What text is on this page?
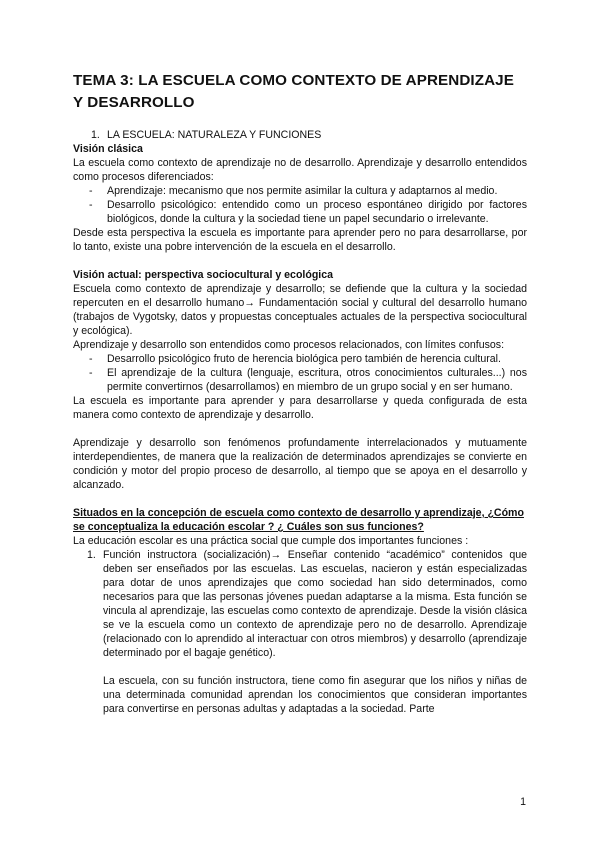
TEMA 3: LA ESCUELA COMO CONTEXTO DE APRENDIZAJE Y DESARROLLO
1. LA ESCUELA: NATURALEZA Y FUNCIONES
Visión clásica

La escuela como contexto de aprendizaje no de desarrollo. Aprendizaje y desarrollo entendidos como procesos diferenciados:

-	Aprendizaje: mecanismo que nos permite asimilar la cultura y adaptarnos al medio.
-	Desarrollo psicológico: entendido como un proceso espontáneo dirigido por factores biológicos, donde la cultura y la sociedad tiene un papel secundario o irrelevante.

Desde esta perspectiva la escuela es importante para aprender pero no para desarrollarse, por lo tanto, existe una pobre intervención de la escuela en el desarrollo.

Visión actual: perspectiva sociocultural y ecológica

Escuela como contexto de aprendizaje y desarrollo; se defiende que la cultura y la sociedad repercuten en el desarrollo humano→ Fundamentación social y cultural del desarrollo humano (trabajos de Vygotsky, datos y propuestas conceptuales actuales de la perspectiva sociocultural y ecológica).

Aprendizaje y desarrollo son entendidos como procesos relacionados, con límites confusos:

-	Desarrollo psicológico fruto de herencia biológica pero también de herencia cultural.
-	El aprendizaje de la cultura (lenguaje, escritura, otros conocimientos culturales...) nos permite convertirnos (desarrollamos) en miembro de un grupo social y en ser humano.

La escuela es importante para aprender y para desarrollarse y queda configurada de esta manera como contexto de aprendizaje y desarrollo.

Aprendizaje y desarrollo son fenómenos profundamente interrelacionados y mutuamente interdependientes, de manera que la realización de determinados aprendizajes se convierte en condición y motor del propio proceso de desarrollo, al tiempo que se apoya en el desarrollo y alcanzado.

Situados en la concepción de escuela como contexto de desarrollo y aprendizaje, ¿Cómo se conceptualiza la educación escolar ? ¿ Cuáles son sus funciones?

La educación escolar es una práctica social que cumple dos importantes funciones :

1. Función instructora (socialización)→ Enseñar contenido “académico” contenidos que deben ser enseñados por las escuelas. Las escuelas, nacieron y están especializadas para dotar de unos aprendizajes que como sociedad han sido determinados, como necesarios para que las personas jóvenes puedan adaptarse a la misma. Esta función se vincula al aprendizaje, las escuelas como contexto de aprendizaje. Desde la visión clásica se ve la escuela como un contexto de aprendizaje pero no de desarrollo. Aprendizaje (relacionado con lo aprendido al interactuar con otros miembros) y desarrollo (aprendizaje determinado por el bagaje genético).
La escuela, con su función instructora, tiene como fin asegurar que los niños y niñas de una determinada comunidad aprendan los conocimientos que consideran importantes para convertirse en personas adultas y adaptadas a la sociedad. Parte
1
